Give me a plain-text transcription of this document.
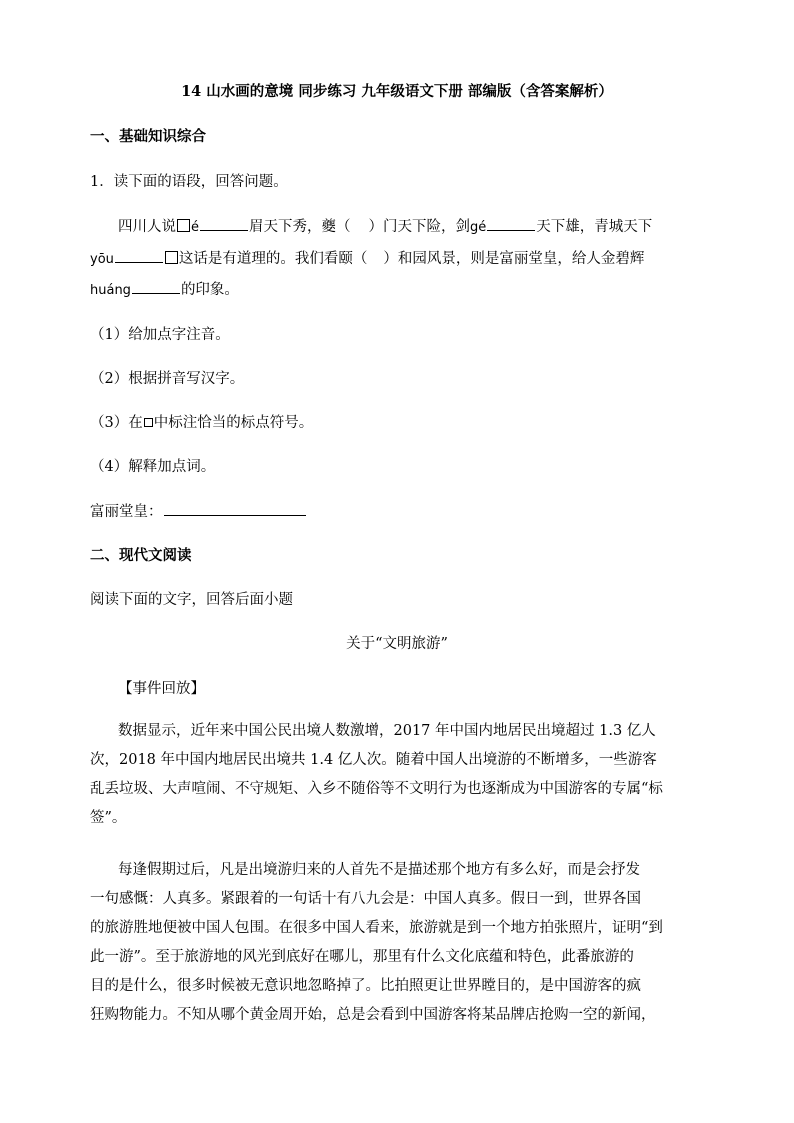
14 山水画的意境 同步练习 九年级语文下册 部编版（含答案解析）
一、基础知识综合
1．读下面的语段，回答问题。
四川人说 é	眉天下秀，夔（ ）门天下险，剑gé	天下雄，青城天下
yōu	这话是有道理的。我们看颐（ ）和园风景，则是富丽堂皇，给人金碧辉
huáng	的印象。
（1）给加点字注音。
（2）根据拼音写汉字。
（3）在 中标注恰当的标点符号。
（4）解释加点词。
富丽堂皇：
二、现代文阅读
阅读下面的文字，回答后面小题
关于“文明旅游”
【事件回放】
数据显示，近年来中国公民出境人数激增，2017 年中国内地居民出境超过 1.3 亿人
次，2018 年中国内地居民出境共 1.4 亿人次。随着中国人出境游的不断增多，一些游客
乱丢垃圾、大声喧闹、不守规矩、入乡不随俗等不文明行为也逐渐成为中国游客的专属“标
签”。
每逢假期过后，凡是出境游归来的人首先不是描述那个地方有多么好，而是会抒发
一句感慨：人真多。紧跟着的一句话十有八九会是：中国人真多。假日一到，世界各国
的旅游胜地便被中国人包围。在很多中国人看来，旅游就是到一个地方拍张照片，证明“到
此一游”。至于旅游地的风光到底好在哪儿，那里有什么文化底蕴和特色，此番旅游的
目的是什么，很多时候被无意识地忽略掉了。比拍照更让世界瞠目的，是中国游客的疯
狂购物能力。不知从哪个黄金周开始，总是会看到中国游客将某品牌店抢购一空的新闻，
